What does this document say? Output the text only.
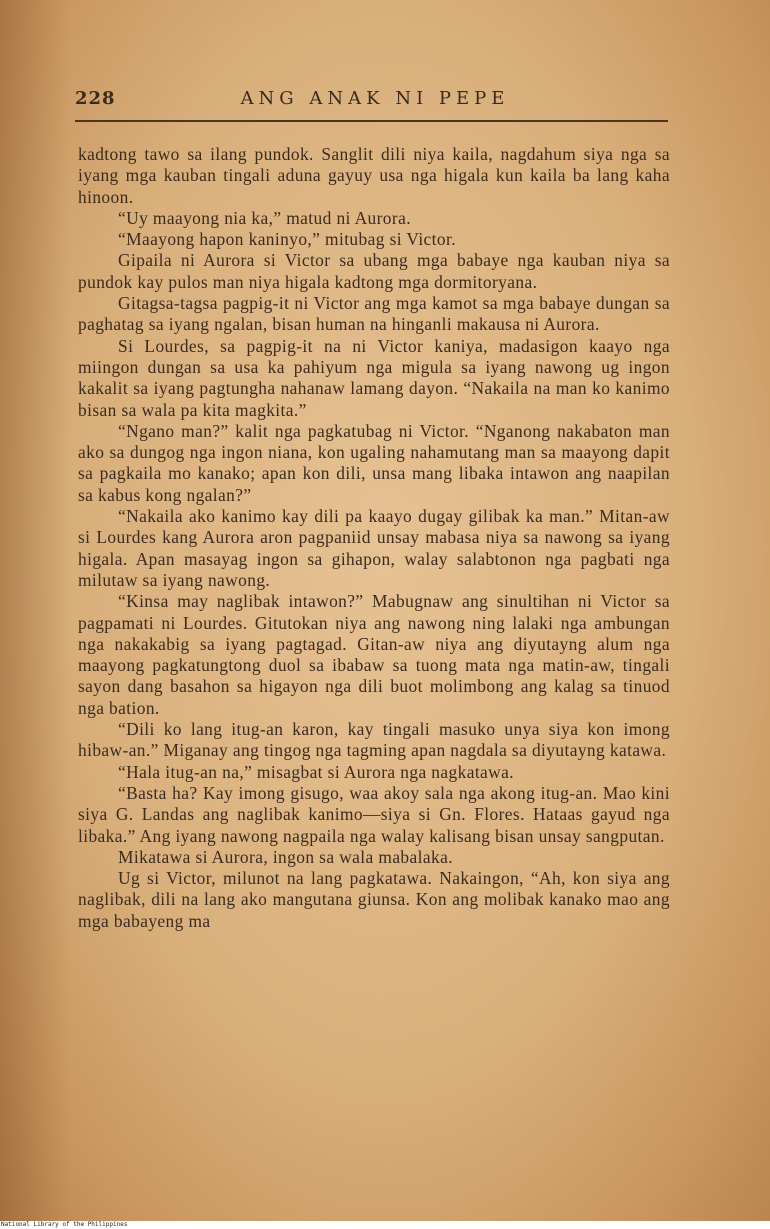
228	ANG ANAK NI PEPE

kadtong tawo sa ilang pundok. Sanglit dili niya kaila, nagdahum siya nga sa iyang mga kauban tingali aduna gayuy usa nga higala kun kaila ba lang kaha hinoon.

“Uy maayong nia ka,” matud ni Aurora.

“Maayong hapon kaninyo,” mitubag si Victor.

Gipaila ni Aurora si Victor sa ubang mga babaye nga kauban niya sa pundok kay pulos man niya higala kadtong mga dormitoryana.

Gitagsa-tagsa pagpig-it ni Victor ang mga kamot sa mga babaye dungan sa paghatag sa iyang ngalan, bisan human na hinganli makausa ni Aurora.

Si Lourdes, sa pagpig-it na ni Victor kaniya, madasigon kaayo nga miingon dungan sa usa ka pahiyum nga migula sa iyang nawong ug ingon kakalit sa iyang pagtungha nahanaw lamang dayon. “Nakaila na man ko kanimo bisan sa wala pa kita magkita.”

“Ngano man?” kalit nga pagkatubag ni Victor. “Nganong nakabaton man ako sa dungog nga ingon niana, kon ugaling nahamutang man sa maayong dapit sa pagkaila mo kanako; apan kon dili, unsa mang libaka intawon ang naapilan sa kabus kong ngalan?”

“Nakaila ako kanimo kay dili pa kaayo dugay gilibak ka man.” Mitan-aw si Lourdes kang Aurora aron pagpaniid unsay mabasa niya sa nawong sa iyang higala. Apan masayag ingon sa gihapon, walay salabtonon nga pagbati nga milutaw sa iyang nawong.

“Kinsa may naglibak intawon?” Mabugnaw ang sinultihan ni Victor sa pagpamati ni Lourdes. Gitutokan niya ang nawong ning lalaki nga ambungan nga nakakabig sa iyang pagtagad. Gitan-aw niya ang diyutayng alum nga maayong pagkatungtong duol sa ibabaw sa tuong mata nga matin-aw, tingali sayon dang basahon sa higayon nga dili buot molimbong ang kalag sa tinuod nga bation.

“Dili ko lang itug-an karon, kay tingali masuko unya siya kon imong hibaw-an.” Miganay ang tingog nga tagming apan nagdala sa diyutayng katawa.

“Hala itug-an na,” misagbat si Aurora nga nagkatawa.

“Basta ha? Kay imong gisugo, waa akoy sala nga akong itug-an. Mao kini siya G. Landas ang naglibak kanimo—siya si Gn. Flores. Hataas gayud nga libaka.” Ang iyang nawong nagpaila nga walay kalisang bisan unsay sangputan.

Mikatawa si Aurora, ingon sa wala mabalaka.

Ug si Victor, milunot na lang pagkatawa. Nakaingon, “Ah, kon siya ang naglibak, dili na lang ako mangutana giunsa. Kon ang molibak kanako mao ang mga babayeng ma

National Library of the Philippines
